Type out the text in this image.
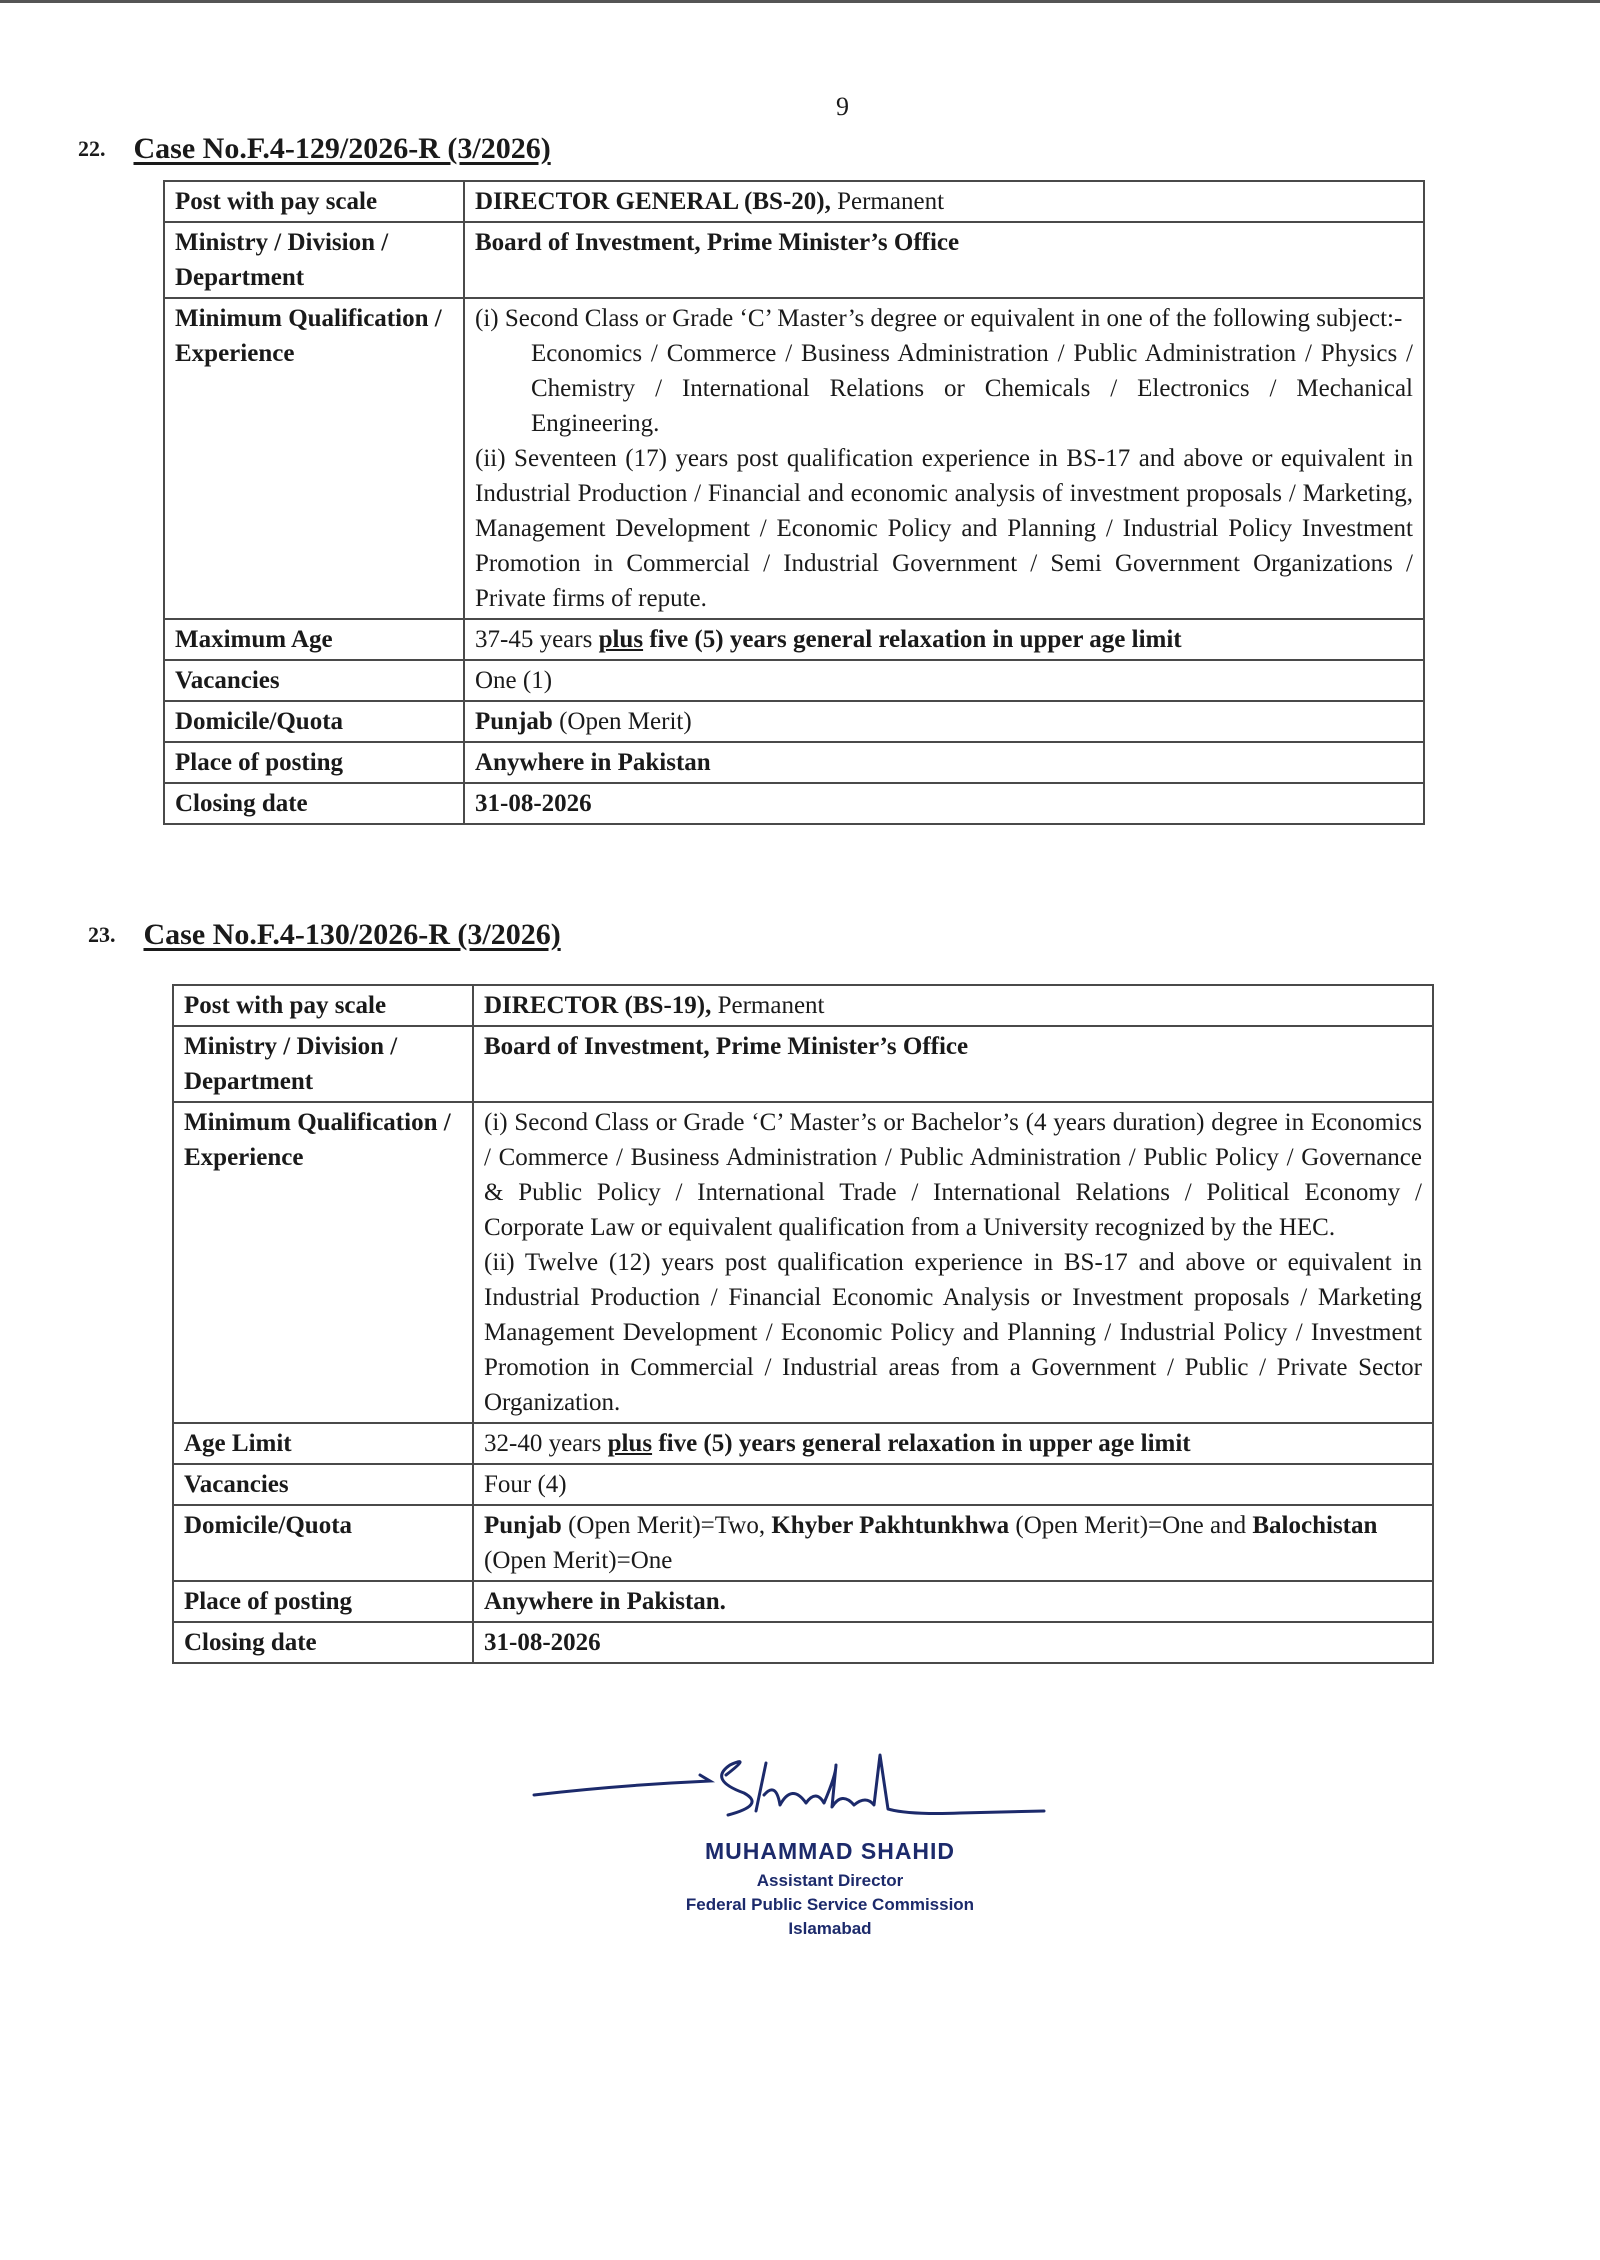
9
22. Case No.F.4-129/2026-R (3/2026)
Post with pay scale	DIRECTOR GENERAL (BS-20), Permanent
Ministry / Division / Department	Board of Investment, Prime Minister’s Office
Minimum Qualification / Experience	(i) Second Class or Grade ‘C’ Master’s degree or equivalent in one of the following subject:-
Economics / Commerce / Business Administration / Public Administration / Physics / Chemistry / International Relations or Chemicals / Electronics / Mechanical Engineering.
(ii) Seventeen (17) years post qualification experience in BS-17 and above or equivalent in Industrial Production / Financial and economic analysis of investment proposals / Marketing, Management Development / Economic Policy and Planning / Industrial Policy Investment Promotion in Commercial / Industrial Government / Semi Government Organizations / Private firms of repute.

Maximum Age	37-45 years plus five (5) years general relaxation in upper age limit
Vacancies	One (1)
Domicile/Quota	Punjab (Open Merit)
Place of posting	Anywhere in Pakistan
Closing date	31-08-2026
23. Case No.F.4-130/2026-R (3/2026)
Post with pay scale	DIRECTOR (BS-19), Permanent
Ministry / Division / Department	Board of Investment, Prime Minister’s Office
Minimum Qualification / Experience	(i) Second Class or Grade ‘C’ Master’s or Bachelor’s (4 years duration) degree in Economics / Commerce / Business Administration / Public Administration / Public Policy / Governance & Public Policy / International Trade / International Relations / Political Economy / Corporate Law or equivalent qualification from a University recognized by the HEC.
(ii) Twelve (12) years post qualification experience in BS-17 and above or equivalent in Industrial Production / Financial Economic Analysis or Investment proposals / Marketing Management Development / Economic Policy and Planning / Industrial Policy / Investment Promotion in Commercial / Industrial areas from a Government / Public / Private Sector Organization.

Age Limit	32-40 years plus five (5) years general relaxation in upper age limit
Vacancies	Four (4)
Domicile/Quota	Punjab (Open Merit)=Two, Khyber Pakhtunkhwa (Open Merit)=One and Balochistan (Open Merit)=One
Place of posting	Anywhere in Pakistan.
Closing date	31-08-2026
MUHAMMAD SHAHID
Assistant Director
Federal Public Service Commission
Islamabad
